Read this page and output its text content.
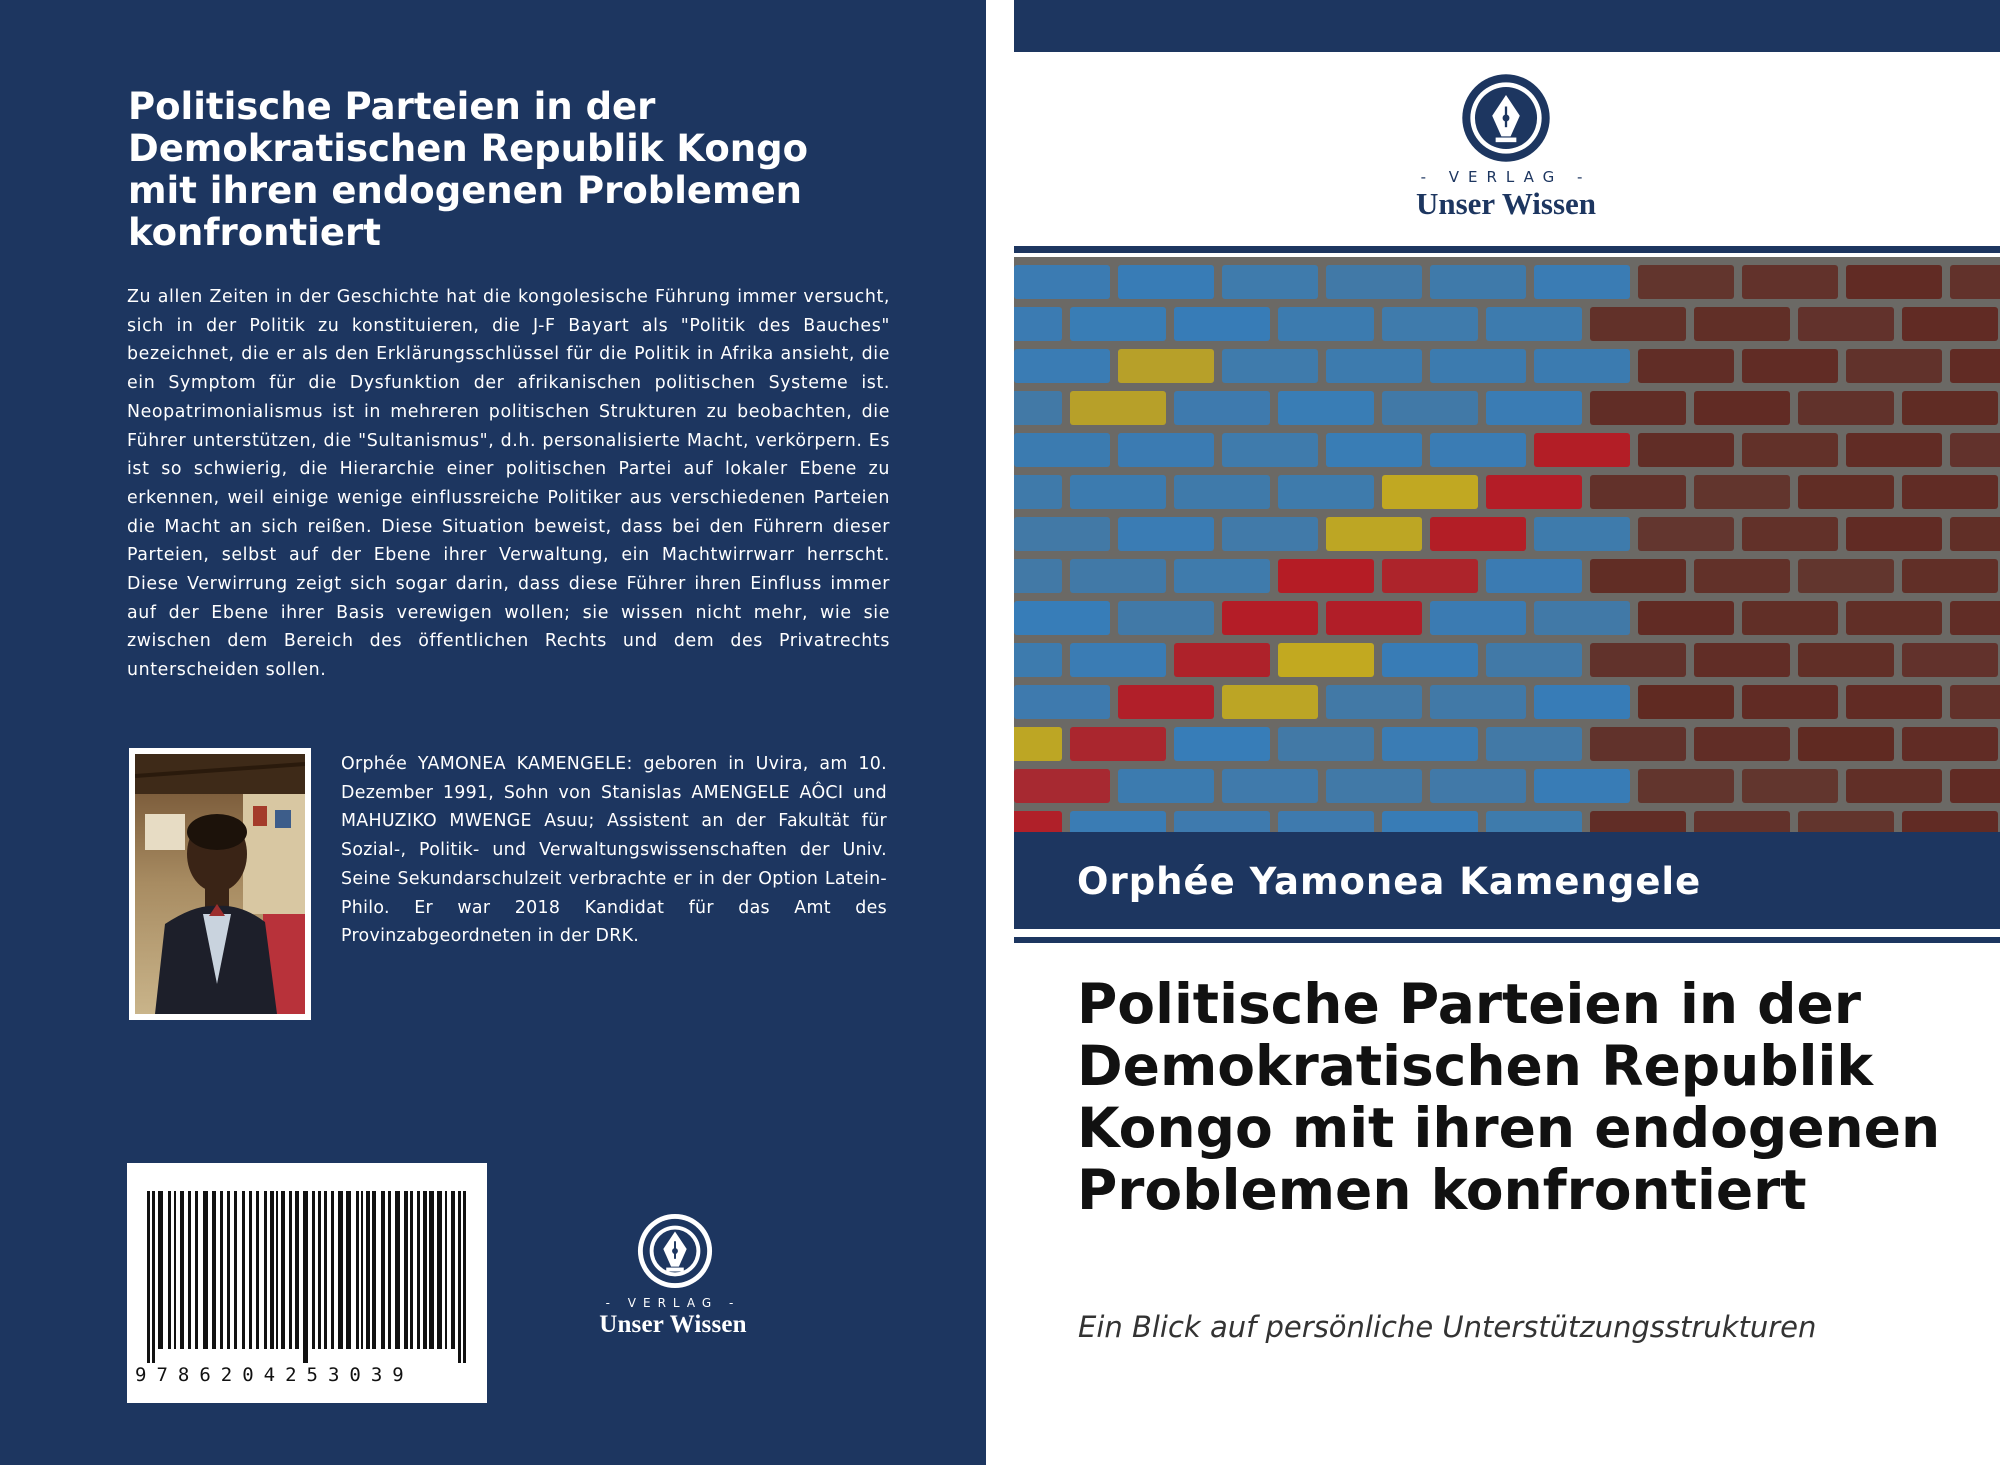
Politische Parteien in der Demokratischen Republik Kongo mit ihren endogenen Problemen konfrontiert

Zu allen Zeiten in der Geschichte hat die kongolesische Führung immer versucht, sich in der Politik zu konstituieren, die J-F Bayart als "Politik des Bauches" bezeichnet, die er als den Erklärungsschlüssel für die Politik in Afrika ansieht, die ein Symptom für die Dysfunktion der afrikanischen politischen Systeme ist. Neopatrimonialismus ist in mehreren politischen Strukturen zu beobachten, die Führer unterstützen, die "Sultanismus", d.h. personalisierte Macht, verkörpern. Es ist so schwierig, die Hierarchie einer politischen Partei auf lokaler Ebene zu erkennen, weil einige wenige einflussreiche Politiker aus verschiedenen Parteien die Macht an sich reißen. Diese Situation beweist, dass bei den Führern dieser Parteien, selbst auf der Ebene ihrer Verwaltung, ein Machtwirrwarr herrscht. Diese Verwirrung zeigt sich sogar darin, dass diese Führer ihren Einfluss immer auf der Ebene ihrer Basis verewigen wollen; sie wissen nicht mehr, wie sie zwischen dem Bereich des öffentlichen Rechts und dem des Privatrechts unterscheiden sollen.

Orphée YAMONEA KAMENGELE: geboren in Uvira, am 10. Dezember 1991, Sohn von Stanislas AMENGELE AÔCI und MAHUZIKO MWENGE Asuu; Assistent an der Fakultät für Sozial-, Politik- und Verwaltungswissenschaften der Univ. Seine Sekundarschulzeit verbrachte er in der Option Latein-Philo. Er war 2018 Kandidat für das Amt des Provinzabgeordneten in der DRK.

9786204253039
- VERLAG -
Unser Wissen
- VERLAG -
Unser Wissen
Orphée Yamonea Kamengele
Politische Parteien in der Demokratischen Republik Kongo mit ihren endogenen Problemen konfrontiert

Ein Blick auf persönliche Unterstützungsstrukturen
